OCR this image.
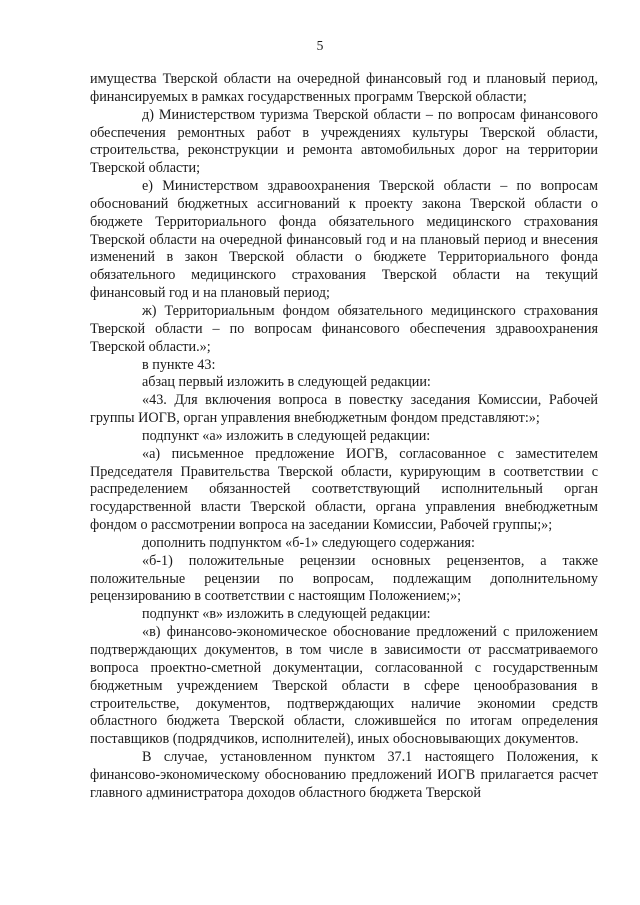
5

имущества Тверской области на очередной финансовый год и плановый период, финансируемых в рамках государственных программ Тверской области;

д) Министерством туризма Тверской области – по вопросам финансового обеспечения ремонтных работ в учреждениях культуры Тверской области, строительства, реконструкции и ремонта автомобильных дорог на территории Тверской области;

е) Министерством здравоохранения Тверской области – по вопросам обоснований бюджетных ассигнований к проекту закона Тверской области о бюджете Территориального фонда обязательного медицинского страхования Тверской области на очередной финансовый год и на плановый период и внесения изменений в закон Тверской области о бюджете Территориального фонда обязательного медицинского страхования Тверской области на текущий финансовый год и на плановый период;

ж) Территориальным фондом обязательного медицинского страхования Тверской области – по вопросам финансового обеспечения здравоохранения Тверской области.»;

в пункте 43:

абзац первый изложить в следующей редакции:

«43. Для включения вопроса в повестку заседания Комиссии, Рабочей группы ИОГВ, орган управления внебюджетным фондом представляют:»;

подпункт «а» изложить в следующей редакции:

«а) письменное предложение ИОГВ, согласованное с заместителем Председателя Правительства Тверской области, курирующим в соответствии с распределением обязанностей соответствующий исполнительный орган государственной власти Тверской области, органа управления внебюджетным фондом о рассмотрении вопроса на заседании Комиссии, Рабочей группы;»;

дополнить подпунктом «б-1» следующего содержания:

«б-1) положительные рецензии основных рецензентов, а также положительные рецензии по вопросам, подлежащим дополнительному рецензированию в соответствии с настоящим Положением;»;

подпункт «в» изложить в следующей редакции:

«в) финансово-экономическое обоснование предложений с приложением подтверждающих документов, в том числе в зависимости от рассматриваемого вопроса проектно-сметной документации, согласованной с государственным бюджетным учреждением Тверской области в сфере ценообразования в строительстве, документов, подтверждающих наличие экономии средств областного бюджета Тверской области, сложившейся по итогам определения поставщиков (подрядчиков, исполнителей), иных обосновывающих документов.

В случае, установленном пунктом 37.1 настоящего Положения, к финансово-экономическому обоснованию предложений ИОГВ прилагается расчет главного администратора доходов областного бюджета Тверской
